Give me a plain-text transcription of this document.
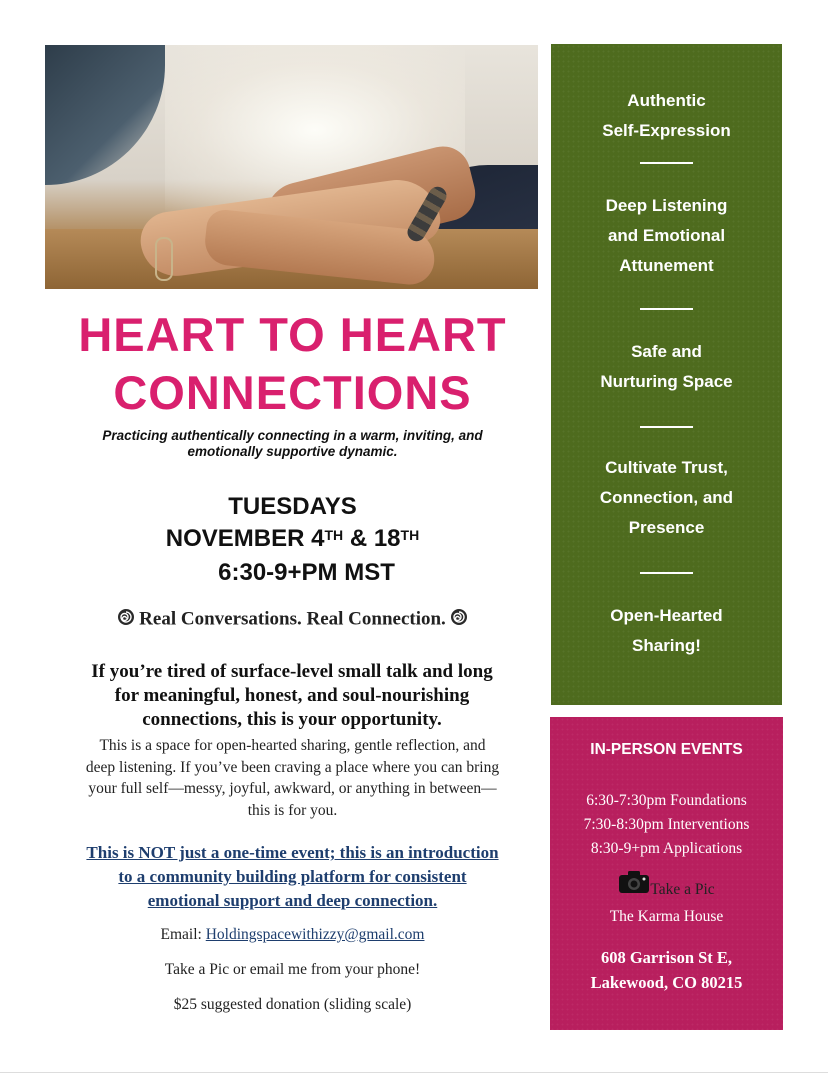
HEART TO HEART
CONNECTIONS
Practicing authentically connecting in a warm, inviting, and
emotionally supportive dynamic.
TUESDAYS
NOVEMBER 4TH & 18TH
6:30-9+PM MST
Real Conversations. Real Connection.
If you’re tired of surface-level small talk and long
for meaningful, honest, and soul-nourishing
connections, this is your opportunity.
This is a space for open-hearted sharing, gentle reflection, and
deep listening. If you’ve been craving a place where you can bring
your full self—messy, joyful, awkward, or anything in between—
this is for you.
This is NOT just a one-time event; this is an introduction
to a community building platform for consistent
emotional support and deep connection.
Email: Holdingspacewithizzy@gmail.com
Take a Pic or email me from your phone!
$25 suggested donation (sliding scale)
Authentic
Self-Expression
Deep Listening
and Emotional
Attunement
Safe and
Nurturing Space
Cultivate Trust,
Connection, and
Presence
Open-Hearted
Sharing!
IN-PERSON EVENTS
6:30-7:30pm Foundations
7:30-8:30pm Interventions
8:30-9+pm Applications
Take a Pic
The Karma House
608 Garrison St E,
Lakewood, CO 80215
